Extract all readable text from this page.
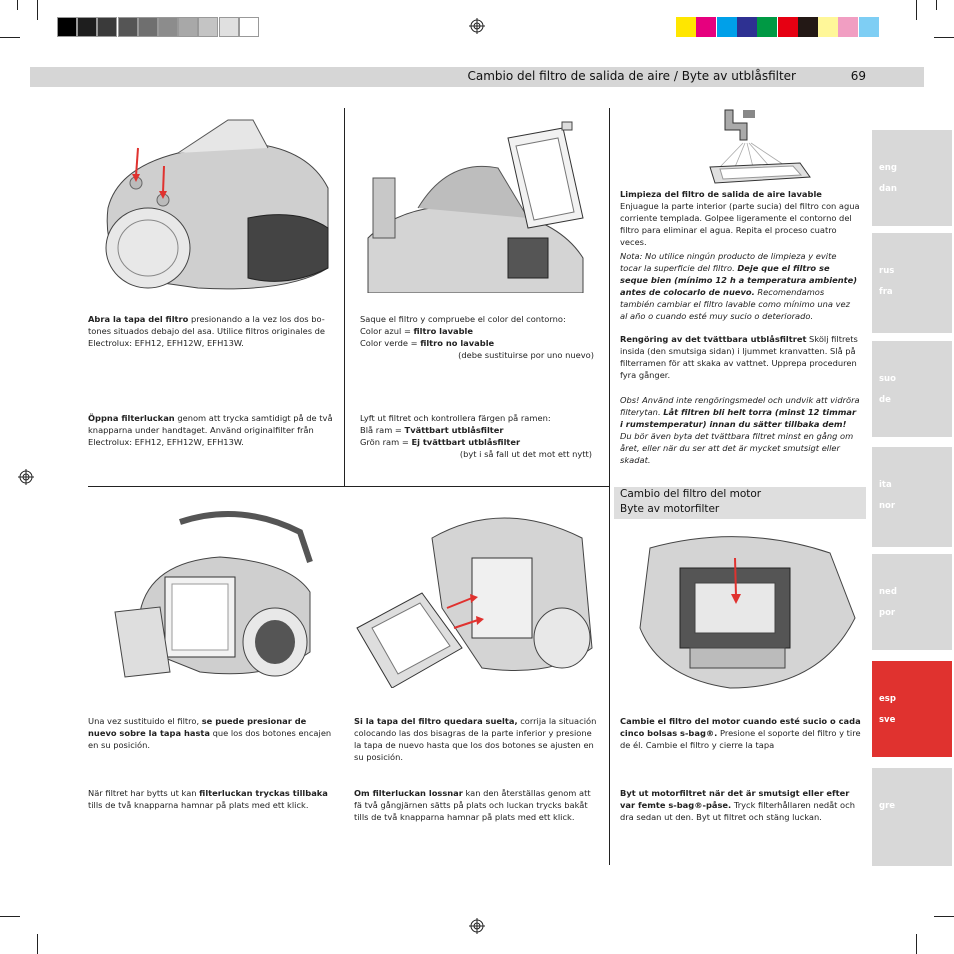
Cambio del filtro de salida de aire / Byte av utblåsfilter	69
Abra la tapa del filtro presionando a la vez los dos bo-tones situados debajo del asa. Utilice filtros originales de Electrolux: EFH12, EFH12W, EFH13W.
Öppna filterluckan genom att trycka samtidigt på de två knapparna under handtaget. Använd originalfilter från Electrolux: EFH12, EFH12W, EFH13W.
Saque el filtro y compruebe el color del contorno:
Color azul = filtro lavable
Color verde = filtro no lavable
(debe sustituirse por uno nuevo)
Lyft ut filtret och kontrollera färgen på ramen:
Blå ram = Tvättbart utblåsfilter
Grön ram = Ej tvättbart utblåsfilter
(byt i så fall ut det mot ett nytt)
Limpieza del filtro de salida de aire lavable Enjuague la parte interior (parte sucia) del filtro con agua corriente templada. Golpee ligeramente el contorno del filtro para eliminar el agua. Repita el proceso cuatro veces.
Nota: No utilice ningún producto de limpieza y evite tocar la superficie del filtro. Deje que el filtro se seque bien (mínimo 12 h a temperatura ambiente) antes de colocarlo de nuevo. Recomendamos también cambiar el filtro lavable como mínimo una vez al año o cuando esté muy sucio o deteriorado.
Rengöring av det tvättbara utblåsfiltret Skölj filtrets insida (den smutsiga sidan) i ljummet kranvatten. Slå på filterramen för att skaka av vattnet. Upprepa proceduren fyra gånger.
Obs! Använd inte rengöringsmedel och undvik att vidröra filterytan. Låt filtren bli helt torra (minst 12 timmar i rumstemperatur) innan du sätter tillbaka dem! Du bör även byta det tvättbara filtret minst en gång om året, eller när du ser att det är mycket smutsigt eller skadat.
Cambio del filtro del motor
Byte av motorfilter
Una vez sustituido el filtro, se puede presionar de nuevo sobre la tapa hasta que los dos botones encajen en su posición.
När filtret har bytts ut kan filterluckan tryckas tillbaka tills de två knapparna hamnar på plats med ett klick.
Si la tapa del filtro quedara suelta, corrija la situación colocando las dos bisagras de la parte inferior y presione la tapa de nuevo hasta que los dos botones se ajusten en su posición.
Om filterluckan lossnar kan den återställas genom att fä två gångjärnen sätts på plats och luckan trycks bakåt tills de två knapparna hamnar på plats med ett klick.
Cambie el filtro del motor cuando esté sucio o cada cinco bolsas s-bag®. Presione el soporte del filtro y tire de él. Cambie el filtro y cierre la tapa
Byt ut motorfiltret när det är smutsigt eller efter var femte s-bag®-påse. Tryck filterhållaren nedåt och dra sedan ut den. Byt ut filtret och stäng luckan.
eng
dan
rus
fra
suo
de
ita
nor
ned
por
esp
sve
gre
